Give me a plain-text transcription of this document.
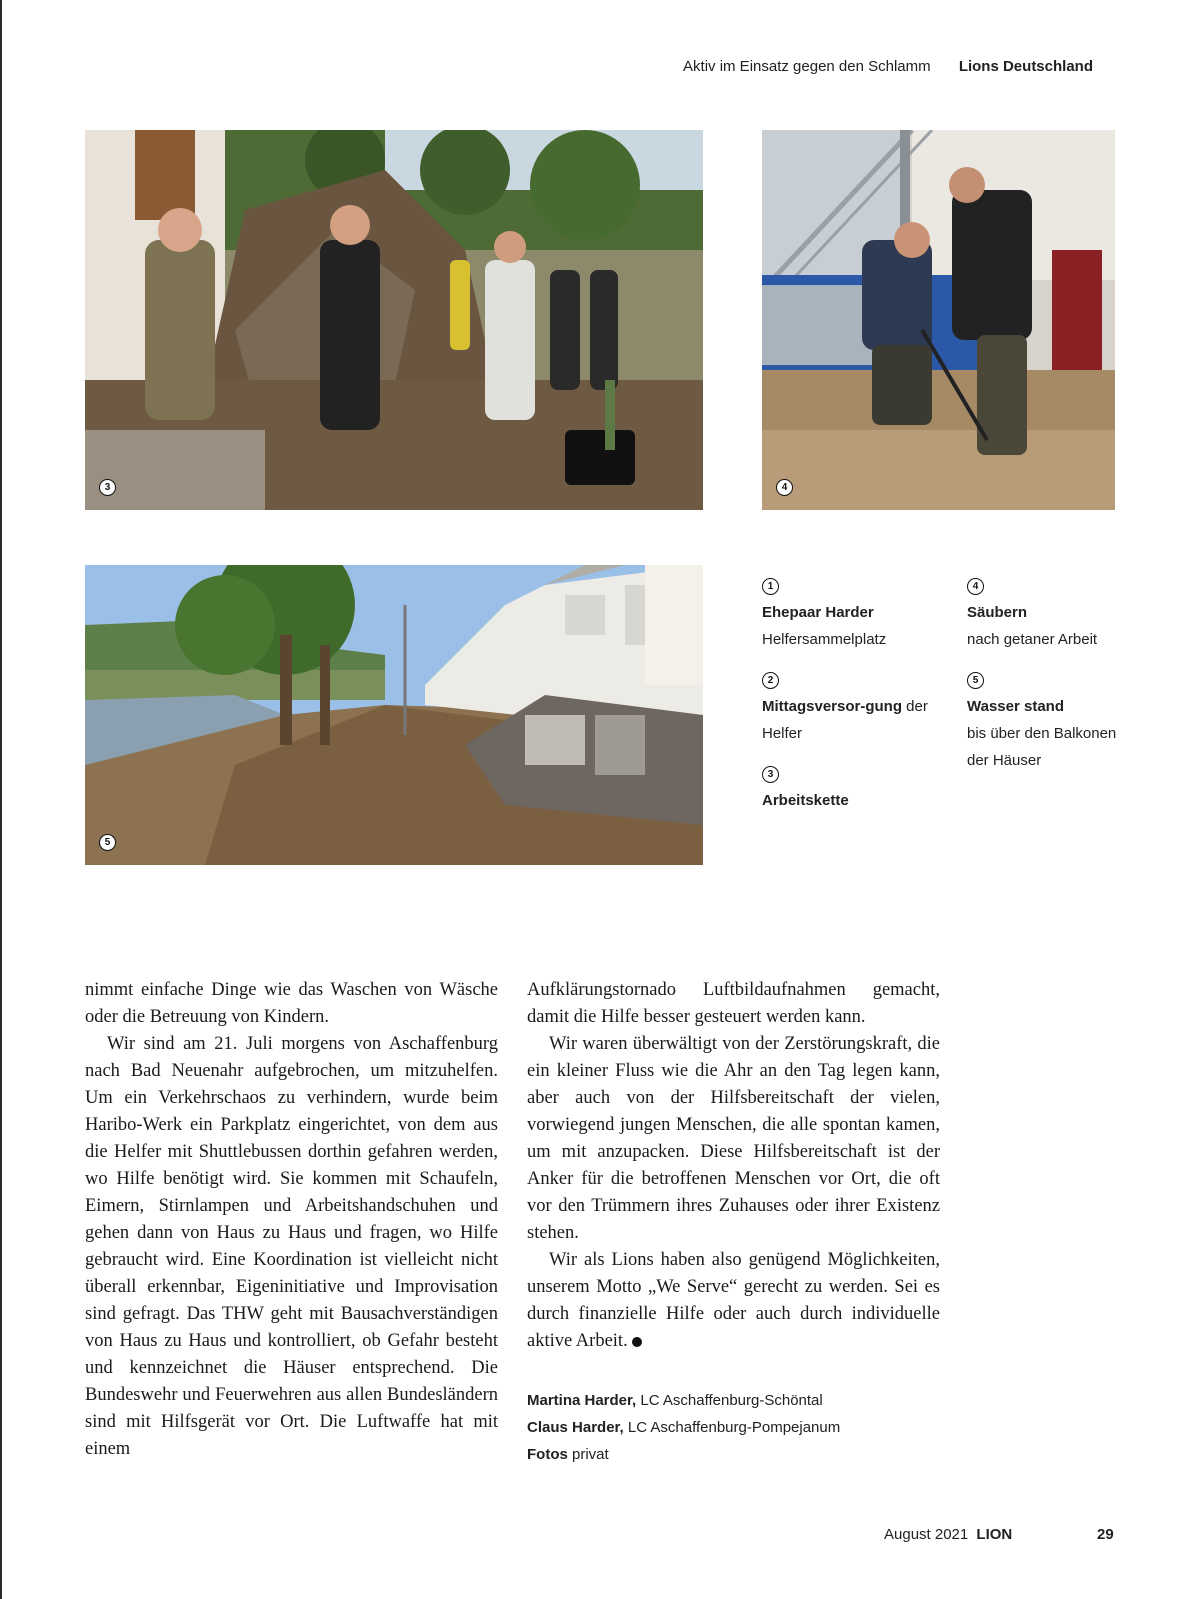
Aktiv im Einsatz gegen den Schlamm Lions Deutschland
3	4
5
1
Ehepaar Harder
Helfersammelplatz
2
Mittagsversor-gung der Helfer
3
Arbeitskette
4
Säubern
nach getaner Arbeit
5
Wasser stand
bis über den Balkonen der Häuser

nimmt einfache Dinge wie das Waschen von Wäsche oder die Betreuung von Kindern.

Wir sind am 21. Juli morgens von Aschaffenburg nach Bad Neuenahr aufgebrochen, um mitzuhelfen. Um ein Verkehrschaos zu verhindern, wurde beim Haribo-Werk ein Parkplatz eingerichtet, von dem aus die Helfer mit Shuttlebussen dorthin gefahren werden, wo Hilfe benötigt wird. Sie kommen mit Schaufeln, Eimern, Stirnlampen und Arbeitshandschuhen und gehen dann von Haus zu Haus und fragen, wo Hilfe gebraucht wird. Eine Koordination ist vielleicht nicht überall erkennbar, Eigeninitiative und Improvisation sind gefragt. Das THW geht mit Bausachverständigen von Haus zu Haus und kontrolliert, ob Gefahr besteht und kennzeichnet die Häuser entsprechend. Die Bundeswehr und Feuerwehren aus allen Bundesländern sind mit Hilfsgerät vor Ort. Die Luftwaffe hat mit einem

Aufklärungstornado Luftbildaufnahmen gemacht, damit die Hilfe besser gesteuert werden kann.

Wir waren überwältigt von der Zerstörungskraft, die ein kleiner Fluss wie die Ahr an den Tag legen kann, aber auch von der Hilfsbereitschaft der vielen, vorwiegend jungen Menschen, die alle spontan kamen, um mit anzupacken. Diese Hilfsbereitschaft ist der Anker für die betroffenen Menschen vor Ort, die oft vor den Trümmern ihres Zuhauses oder ihrer Existenz stehen.

Wir als Lions haben also genügend Möglichkeiten, unserem Motto „We Serve“ gerecht zu werden. Sei es durch finanzielle Hilfe oder auch durch individuelle aktive Arbeit.

Martina Harder, LC Aschaffenburg-Schöntal
Claus Harder, LC Aschaffenburg-Pompejanum
Fotos privat
August 2021 LION	29
